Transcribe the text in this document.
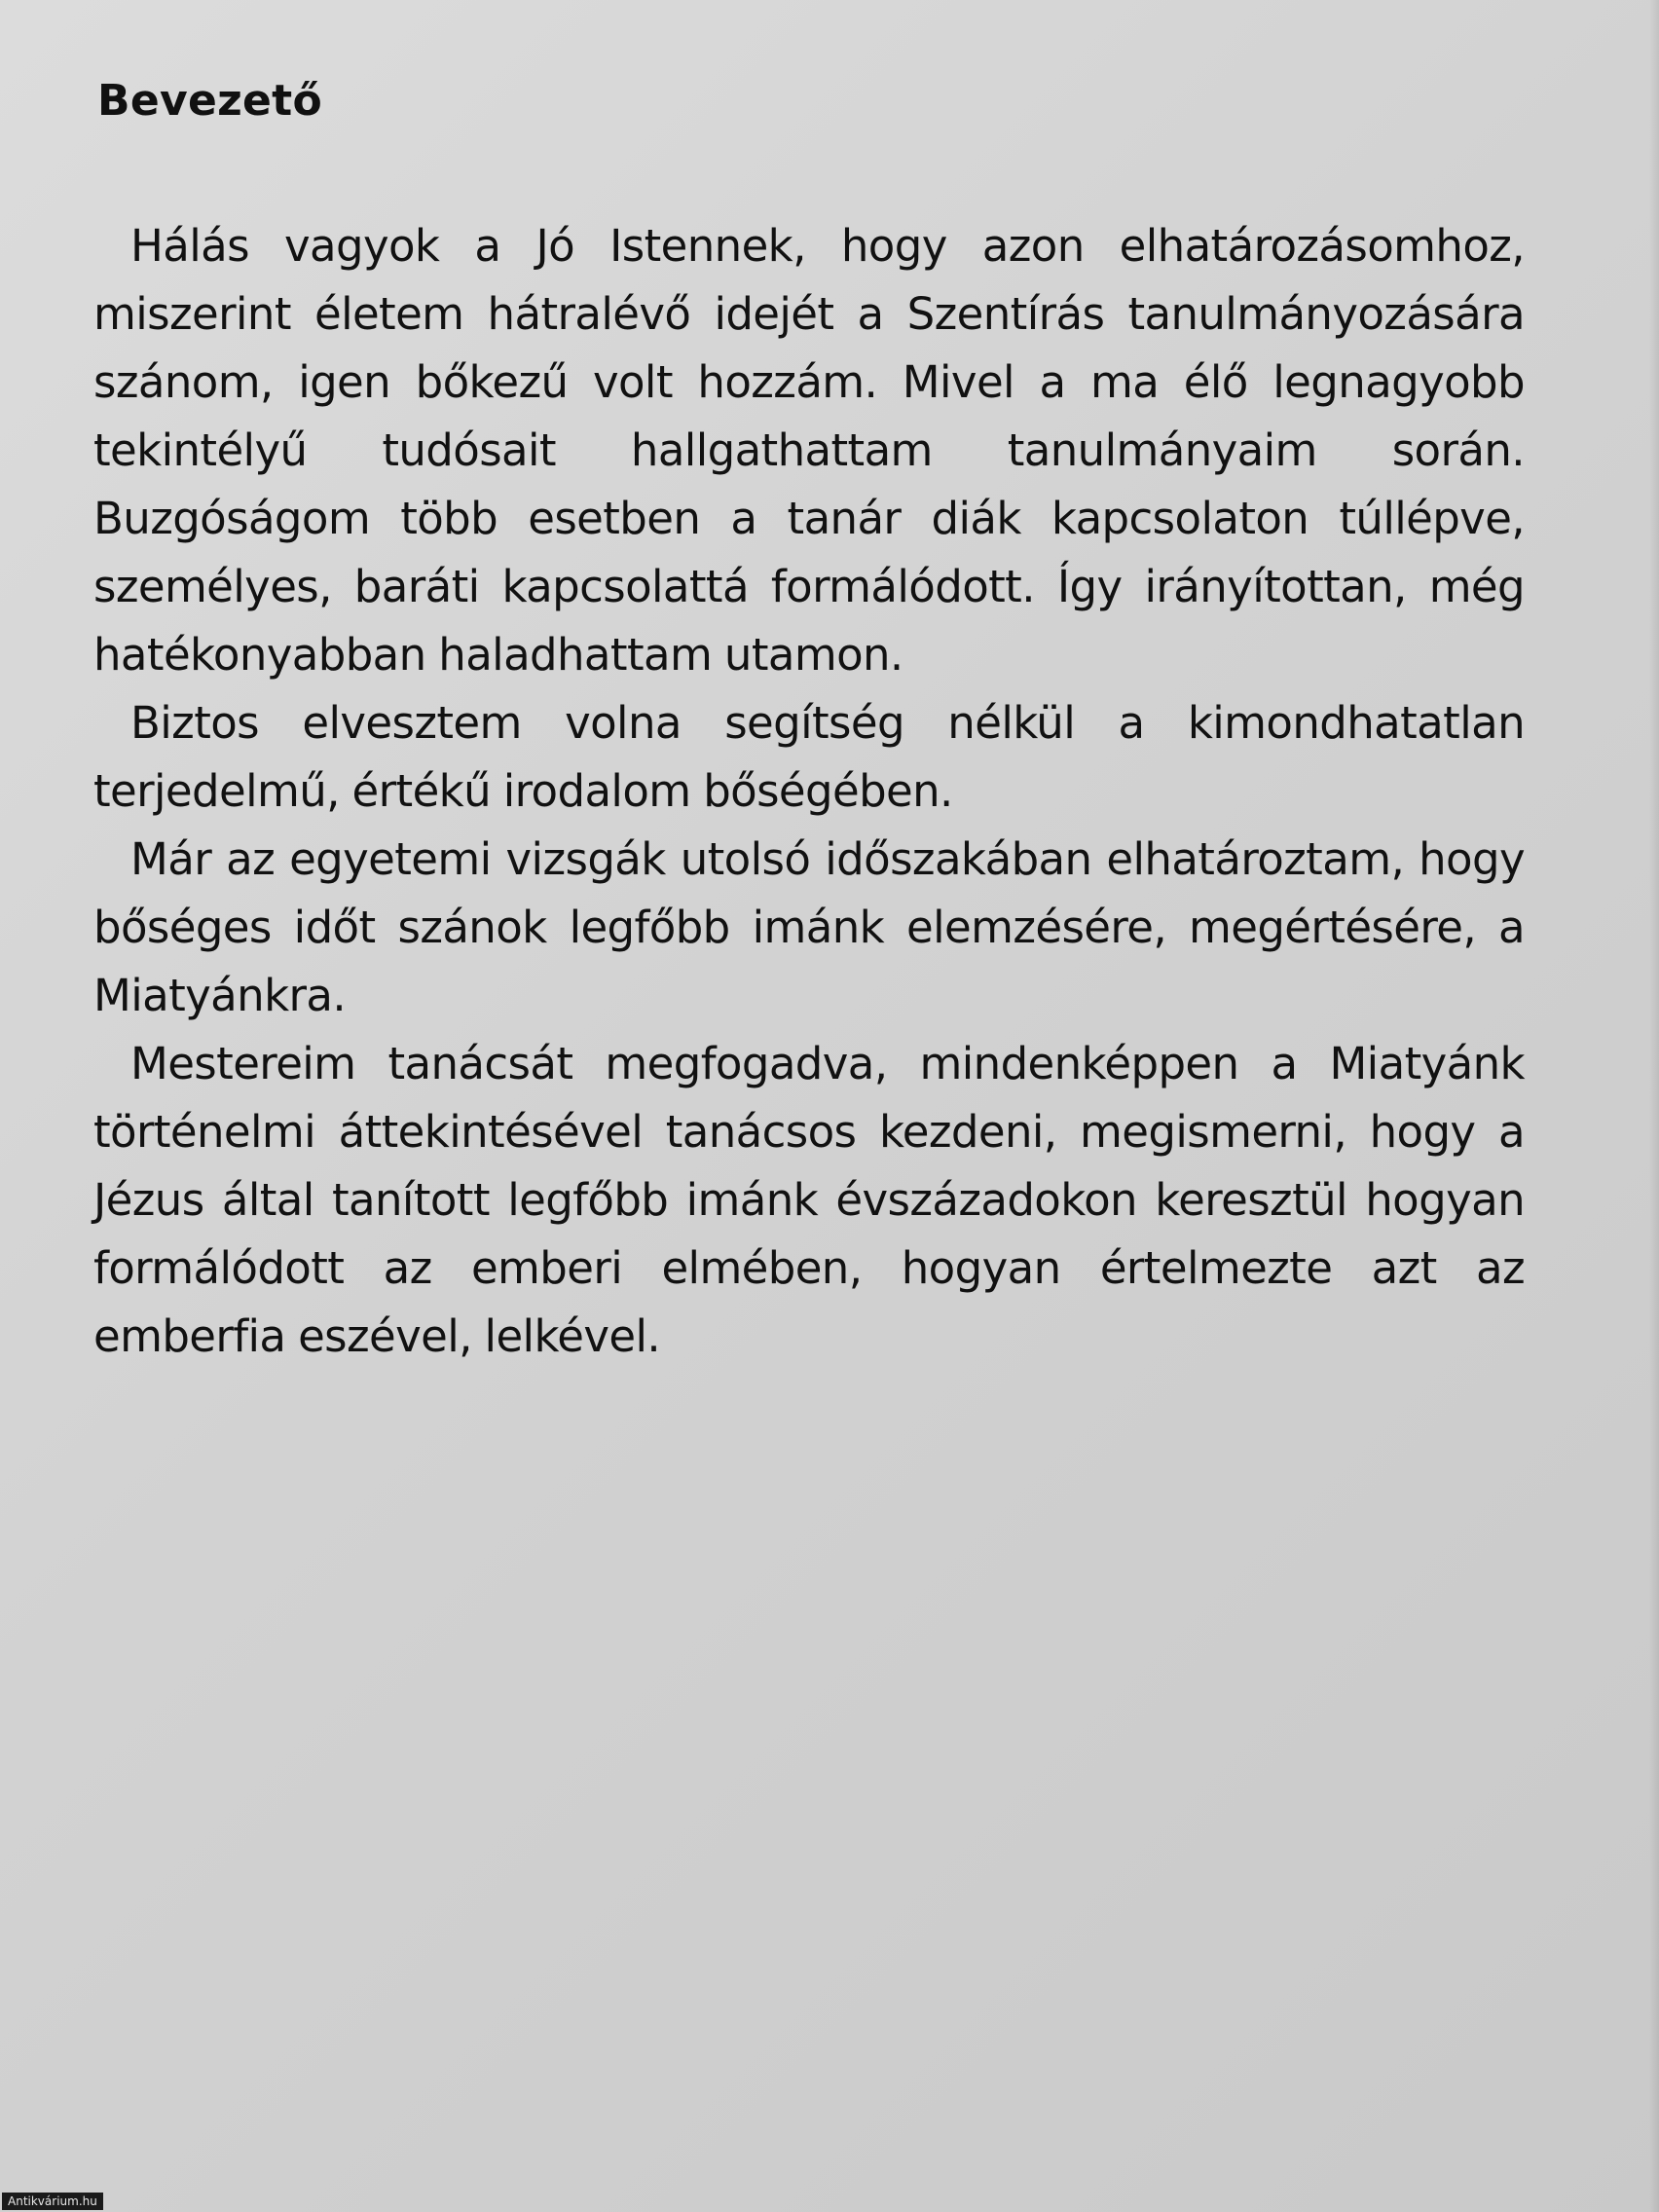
Bevezető

Hálás vagyok a Jó Istennek, hogy azon elhatározásomhoz, miszerint életem hátralévő idejét a Szentírás tanulmányozására szánom, igen bőkezű volt hozzám. Mivel a ma élő legnagyobb tekintélyű tudósait hallgathattam tanulmányaim során. Buzgóságom több esetben a tanár diák kapcsolaton túllépve, személyes, baráti kapcsolattá formálódott. Így irányítottan, még hatékonyabban haladhattam utamon.

Biztos elvesztem volna segítség nélkül a kimondhatatlan terjedelmű, értékű irodalom bőségében.

Már az egyetemi vizsgák utolsó időszakában elhatároztam, hogy bőséges időt szánok legfőbb imánk elemzésére, megértésére, a Miatyánkra.

Mestereim tanácsát megfogadva, mindenképpen a Miatyánk történelmi áttekintésével tanácsos kezdeni, megismerni, hogy a Jézus által tanított legfőbb imánk évszázadokon keresztül hogyan formálódott az emberi elmében, hogyan értelmezte azt az emberfia eszével, lelkével.

Antikvárium.hu
